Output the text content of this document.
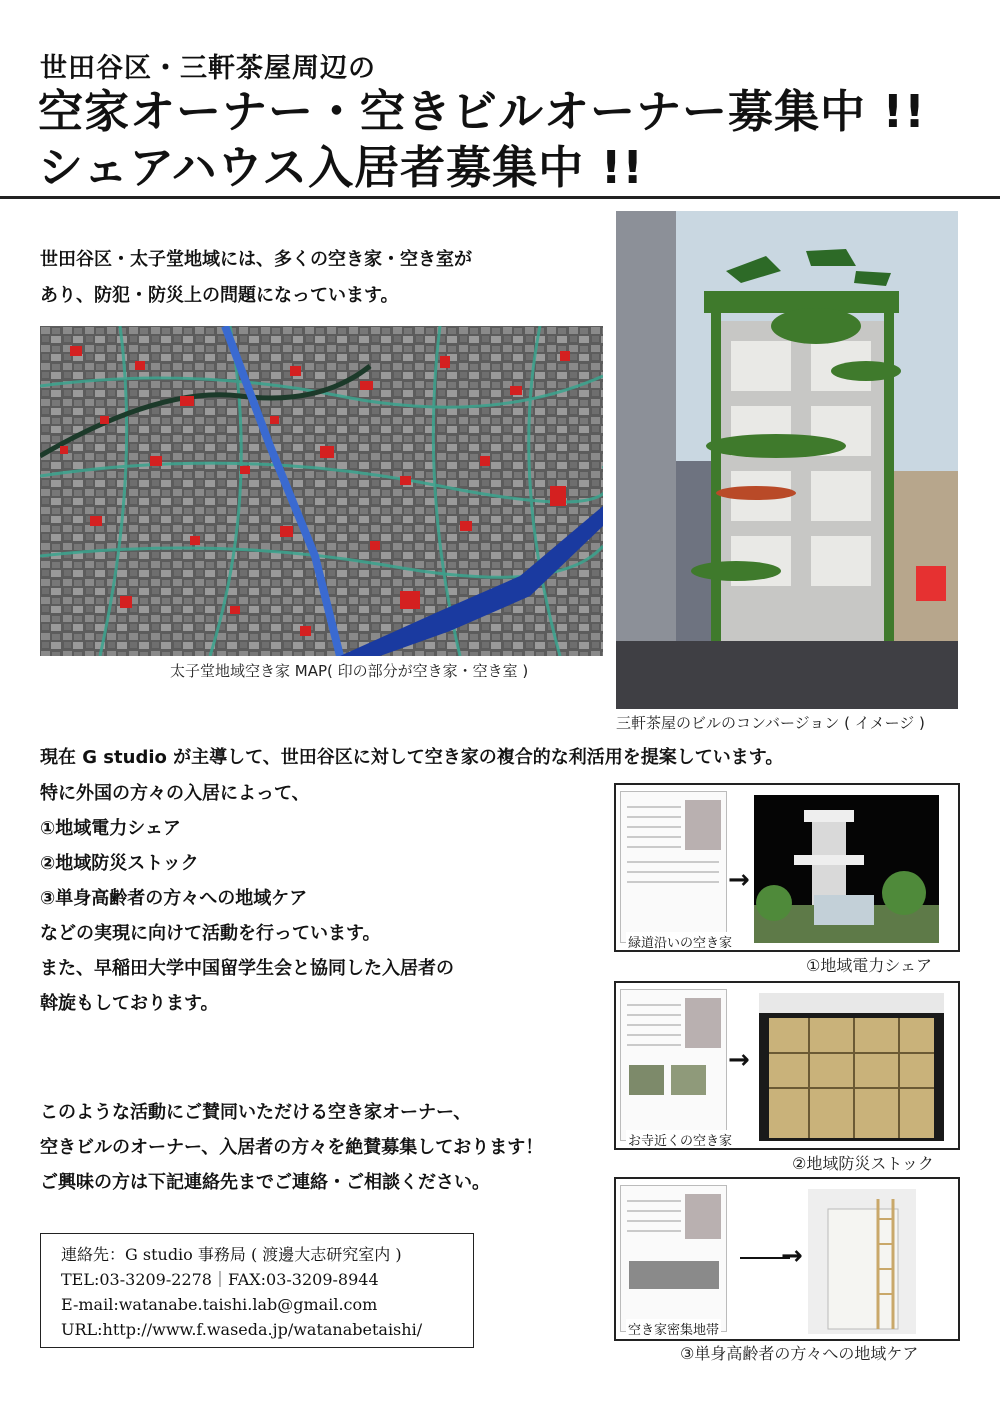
世田谷区・三軒茶屋周辺の
空家オーナー・空きビルオーナー募集中 !!
シェアハウス入居者募集中 !!
世田谷区・太子堂地域には、多くの空き家・空き室が
あり、防犯・防災上の問題になっています。
太子堂地域空き家 MAP( 印の部分が空き家・空き室 )
三軒茶屋のビルのコンバージョン ( イメージ )
現在 G studio が主導して、世田谷区に対して空き家の複合的な利活用を提案しています。
特に外国の方々の入居によって、
①地域電力シェア
②地域防災ストック
③単身高齢者の方々への地域ケア
などの実現に向けて活動を行っています。
また、早稲田大学中国留学生会と協同した入居者の
斡旋もしております。
このような活動にご賛同いただける空き家オーナー、
空きビルのオーナー、入居者の方々を絶賛募集しております！
ご興味の方は下記連絡先までご連絡・ご相談ください。
緑道沿いの空き家
→
①地域電力シェア
お寺近くの空き家
→
②地域防災ストック
空き家密集地帯
→
③単身高齢者の方々への地域ケア
連絡先：G studio 事務局 ( 渡邊大志研究室内 )
TEL:03-3209-2278｜FAX:03-3209-8944
E-mail:watanabe.taishi.lab@gmail.com
URL:http://www.f.waseda.jp/watanabetaishi/
